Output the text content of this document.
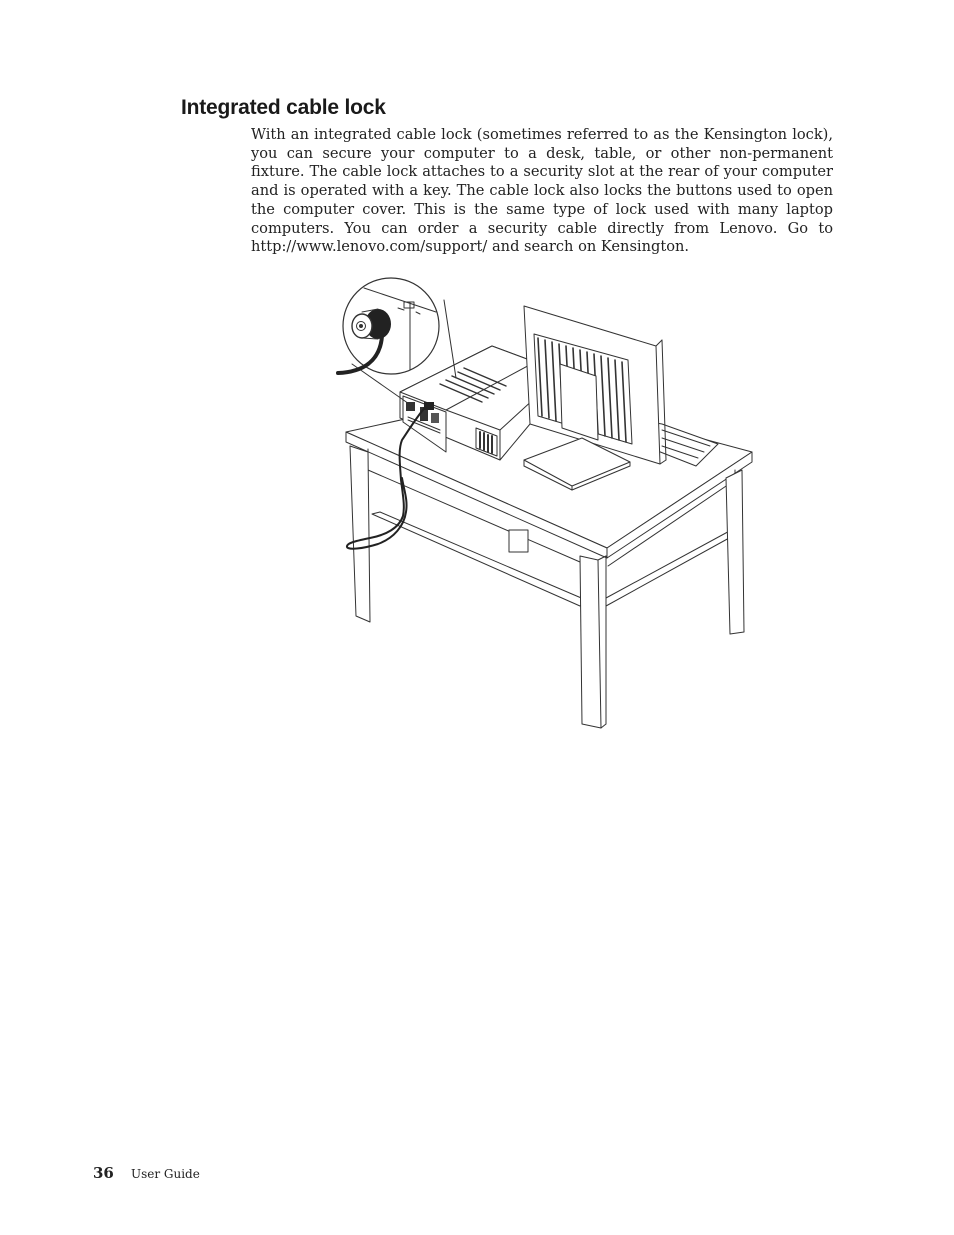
Integrated cable lock

With an integrated cable lock (sometimes referred to as the Kensington lock), you can secure your computer to a desk, table, or other non-permanent fixture. The cable lock attaches to a security slot at the rear of your computer and is operated with a key. The cable lock also locks the buttons used to open the computer cover. This is the same type of lock used with many laptop computers. You can order a security cable directly from Lenovo. Go to http://www.lenovo.com/support/ and search on Kensington.

36 User Guide
